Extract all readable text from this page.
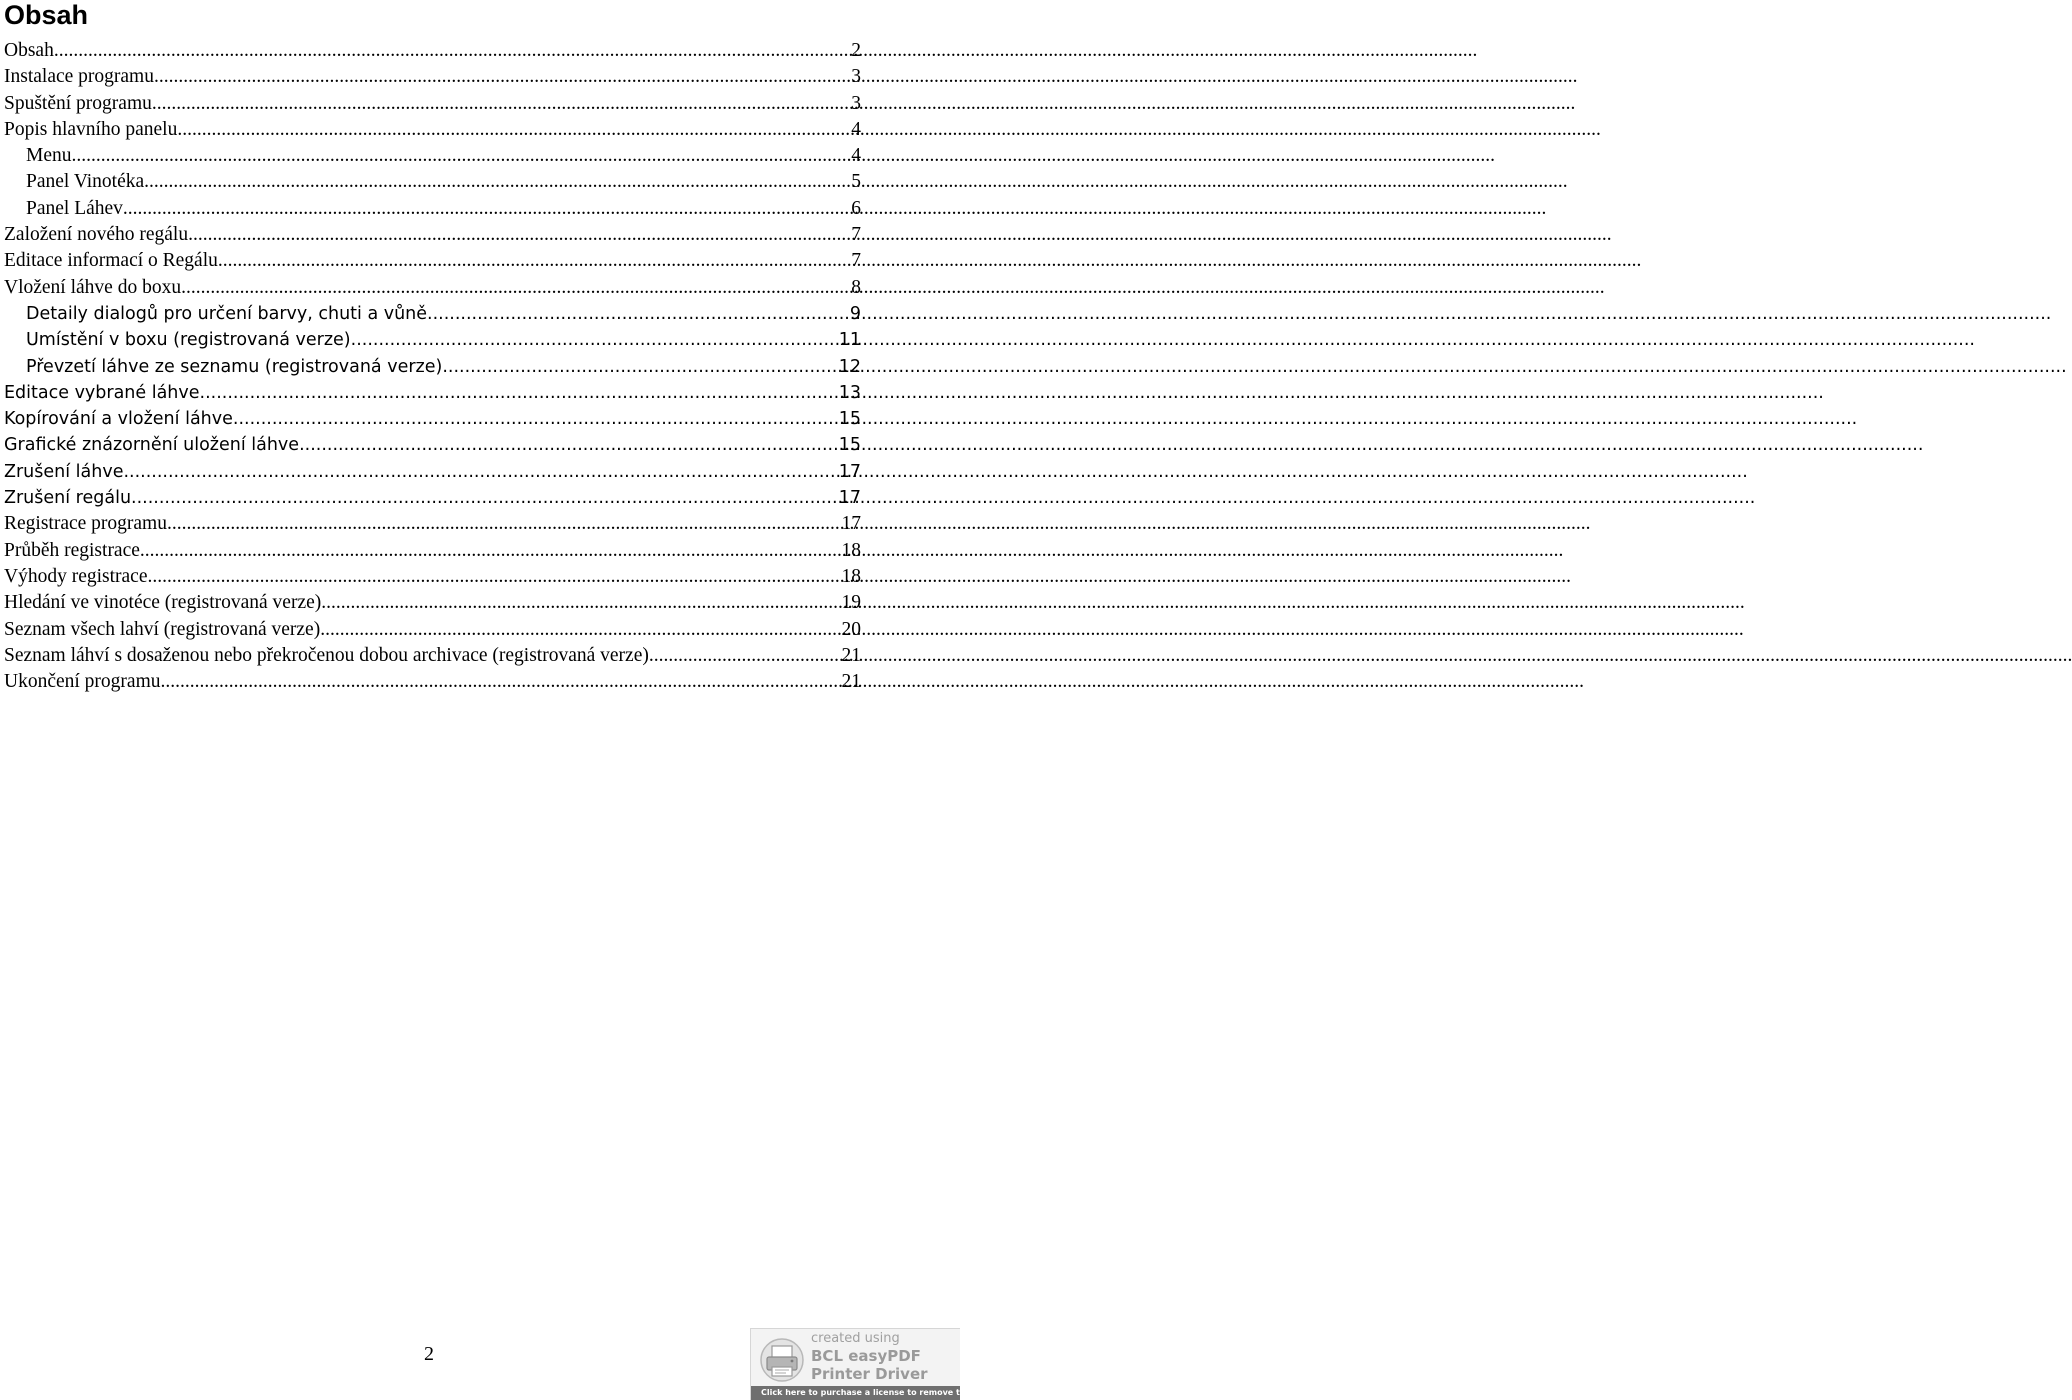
Obsah
Obsah .....	2
Instalace programu .....	3
Spuštění programu .....	3
Popis hlavního panelu .....	4
Menu .....	4
Panel Vinotéka .....	5
Panel Láhev .....	6
Založení nového regálu .....	7
Editace informací o Regálu .....	7
Vložení láhve do boxu .....	8
Detaily dialogů pro určení barvy, chuti a vůně .....	9
Umístění v boxu (registrovaná verze) .....	11
Převzetí láhve ze seznamu (registrovaná verze) .....	12
Editace vybrané láhve .....	13
Kopírování a vložení láhve .....	15
Grafické znázornění uložení láhve .....	15
Zrušení láhve .....	17
Zrušení regálu .....	17
Registrace programu .....	17
Průběh registrace .....	18
Výhody registrace .....	18
Hledání ve vinotéce (registrovaná verze) .....	19
Seznam všech lahví (registrovaná verze) .....	20
Seznam láhví s dosaženou nebo překročenou dobou archivace (registrovaná verze) .....	21
Ukončení programu .....	21
2
created using
BCL easyPDF
Printer Driver
Click here to purchase a license to remove this image
